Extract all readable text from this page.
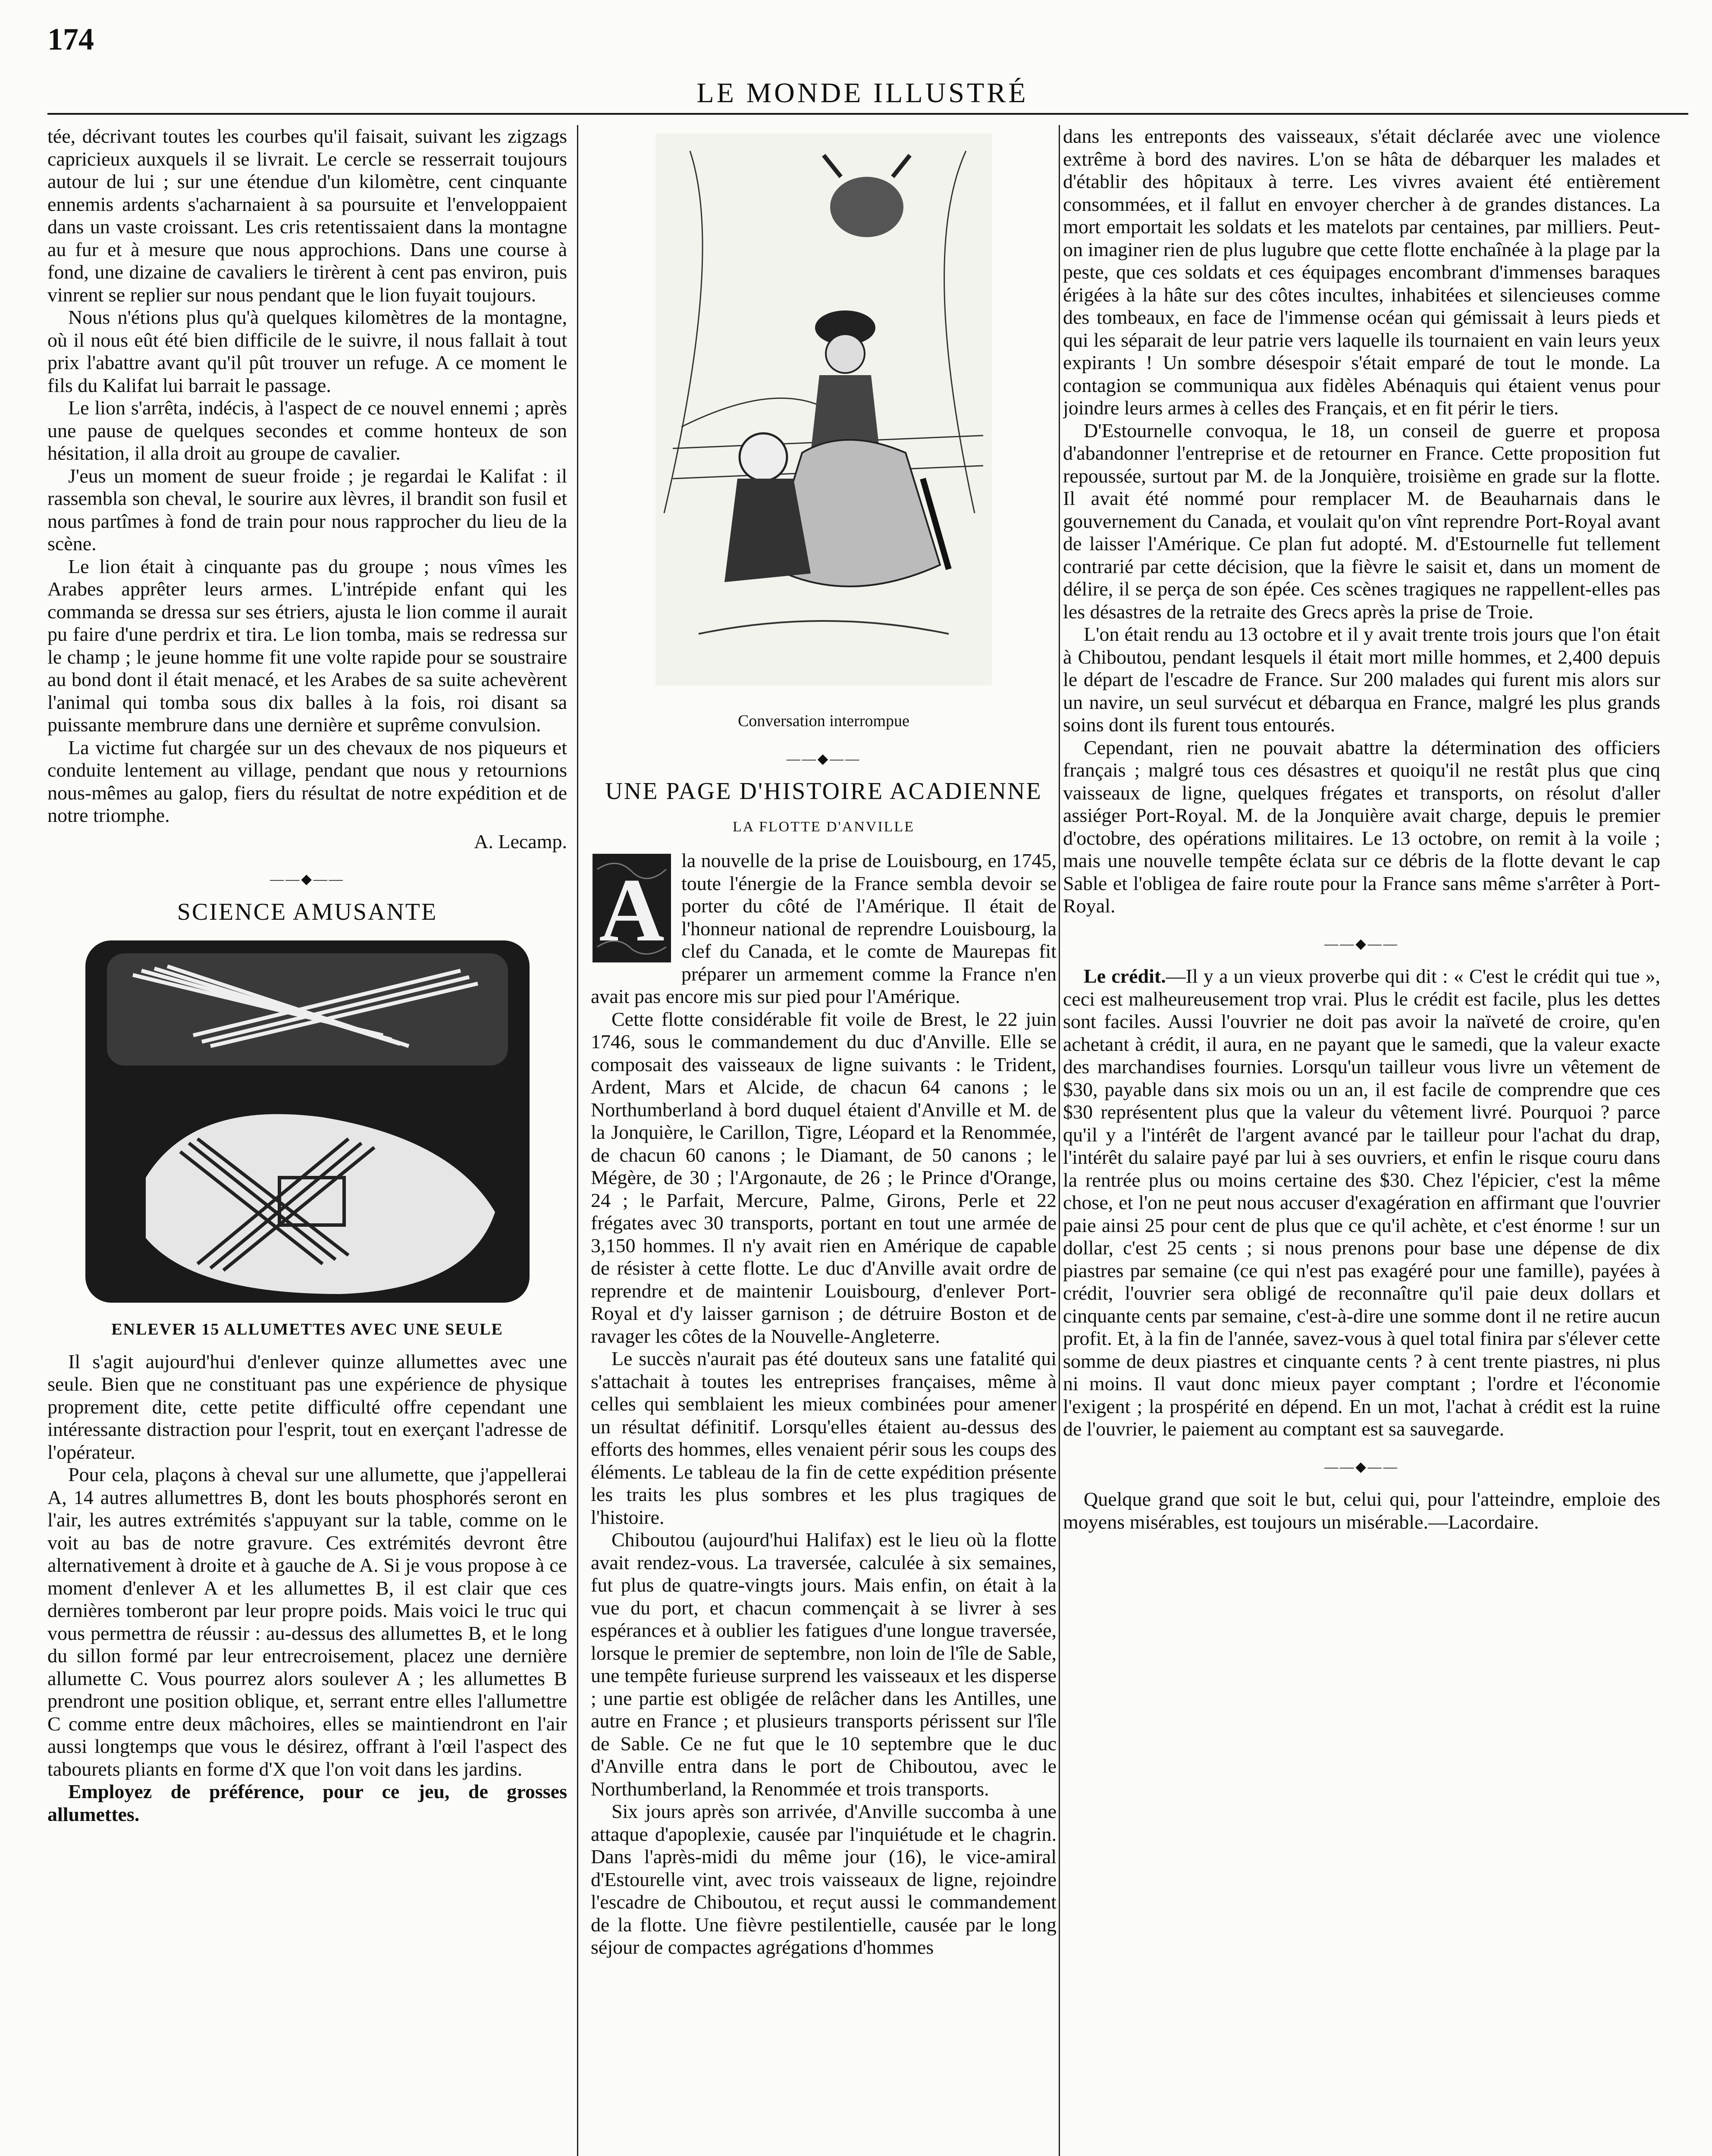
174
LE MONDE ILLUSTRÉ

tée, décrivant toutes les courbes qu'il faisait, suivant les zigzags capricieux auxquels il se livrait. Le cercle se resserrait toujours autour de lui ; sur une étendue d'un kilomètre, cent cinquante ennemis ardents s'acharnaient à sa poursuite et l'enveloppaient dans un vaste croissant. Les cris retentissaient dans la montagne au fur et à mesure que nous approchions. Dans une course à fond, une dizaine de cavaliers le tirèrent à cent pas environ, puis vinrent se replier sur nous pendant que le lion fuyait toujours.

Nous n'étions plus qu'à quelques kilomètres de la montagne, où il nous eût été bien difficile de le suivre, il nous fallait à tout prix l'abattre avant qu'il pût trouver un refuge. A ce moment le fils du Kalifat lui barrait le passage.

Le lion s'arrêta, indécis, à l'aspect de ce nouvel ennemi ; après une pause de quelques secondes et comme honteux de son hésitation, il alla droit au groupe de cavalier.

J'eus un moment de sueur froide ; je regardai le Kalifat : il rassembla son cheval, le sourire aux lèvres, il brandit son fusil et nous partîmes à fond de train pour nous rapprocher du lieu de la scène.

Le lion était à cinquante pas du groupe ; nous vîmes les Arabes apprêter leurs armes. L'intrépide enfant qui les commanda se dressa sur ses étriers, ajusta le lion comme il aurait pu faire d'une perdrix et tira. Le lion tomba, mais se redressa sur le champ ; le jeune homme fit une volte rapide pour se soustraire au bond dont il était menacé, et les Arabes de sa suite achevèrent l'animal qui tomba sous dix balles à la fois, roi disant sa puissante membrure dans une dernière et suprême convulsion.

La victime fut chargée sur un des chevaux de nos piqueurs et conduite lentement au village, pendant que nous y retournions nous-mêmes au galop, fiers du résultat de notre expédition et de notre triomphe.

A. Lecamp.
——◆——
SCIENCE AMUSANTE
ENLEVER 15 ALLUMETTES AVEC UNE SEULE

Il s'agit aujourd'hui d'enlever quinze allumettes avec une seule. Bien que ne constituant pas une expérience de physique proprement dite, cette petite difficulté offre cependant une intéressante distraction pour l'esprit, tout en exerçant l'adresse de l'opérateur.

Pour cela, plaçons à cheval sur une allumette, que j'appellerai A, 14 autres allumettres B, dont les bouts phosphorés seront en l'air, les autres extrémités s'appuyant sur la table, comme on le voit au bas de notre gravure. Ces extrémités devront être alternativement à droite et à gauche de A. Si je vous propose à ce moment d'enlever A et les allumettes B, il est clair que ces dernières tomberont par leur propre poids. Mais voici le truc qui vous permettra de réussir : au-dessus des allumettes B, et le long du sillon formé par leur entrecroisement, placez une dernière allumette C. Vous pourrez alors soulever A ; les allumettes B prendront une position oblique, et, serrant entre elles l'allumettre C comme entre deux mâchoires, elles se maintiendront en l'air aussi longtemps que vous le désirez, offrant à l'œil l'aspect des tabourets pliants en forme d'X que l'on voit dans les jardins.

Employez de préférence, pour ce jeu, de grosses allumettes.

Conversation interrompue
——◆——
UNE PAGE D'HISTOIRE ACADIENNE
LA FLOTTE D'ANVILLE
A la nouvelle de la prise de Louisbourg, en 1745, toute l'énergie de la France sembla devoir se porter du côté de l'Amérique. Il était de l'honneur national de reprendre Louisbourg, la clef du Canada, et le comte de Maurepas fit préparer un armement comme la France n'en avait pas encore mis sur pied pour l'Amérique.

Cette flotte considérable fit voile de Brest, le 22 juin 1746, sous le commandement du duc d'Anville. Elle se composait des vaisseaux de ligne suivants : le Trident, Ardent, Mars et Alcide, de chacun 64 canons ; le Northumberland à bord duquel étaient d'Anville et M. de la Jonquière, le Carillon, Tigre, Léopard et la Renommée, de chacun 60 canons ; le Diamant, de 50 canons ; le Mégère, de 30 ; l'Argonaute, de 26 ; le Prince d'Orange, 24 ; le Parfait, Mercure, Palme, Girons, Perle et 22 frégates avec 30 transports, portant en tout une armée de 3,150 hommes. Il n'y avait rien en Amérique de capable de résister à cette flotte. Le duc d'Anville avait ordre de reprendre et de maintenir Louisbourg, d'enlever Port-Royal et d'y laisser garnison ; de détruire Boston et de ravager les côtes de la Nouvelle-Angleterre.

Le succès n'aurait pas été douteux sans une fatalité qui s'attachait à toutes les entreprises françaises, même à celles qui semblaient les mieux combinées pour amener un résultat définitif. Lorsqu'elles étaient au-dessus des efforts des hommes, elles venaient périr sous les coups des éléments. Le tableau de la fin de cette expédition présente les traits les plus sombres et les plus tragiques de l'histoire.

Chiboutou (aujourd'hui Halifax) est le lieu où la flotte avait rendez-vous. La traversée, calculée à six semaines, fut plus de quatre-vingts jours. Mais enfin, on était à la vue du port, et chacun commençait à se livrer à ses espérances et à oublier les fatigues d'une longue traversée, lorsque le premier de septembre, non loin de l'île de Sable, une tempête furieuse surprend les vaisseaux et les disperse ; une partie est obligée de relâcher dans les Antilles, une autre en France ; et plusieurs transports périssent sur l'île de Sable. Ce ne fut que le 10 septembre que le duc d'Anville entra dans le port de Chiboutou, avec le Northumberland, la Renommée et trois transports.

Six jours après son arrivée, d'Anville succomba à une attaque d'apoplexie, causée par l'inquiétude et le chagrin. Dans l'après-midi du même jour (16), le vice-amiral d'Estourelle vint, avec trois vaisseaux de ligne, rejoindre l'escadre de Chiboutou, et reçut aussi le commandement de la flotte. Une fièvre pestilentielle, causée par le long séjour de compactes agrégations d'hommes

dans les entreponts des vaisseaux, s'était déclarée avec une violence extrême à bord des navires. L'on se hâta de débarquer les malades et d'établir des hôpitaux à terre. Les vivres avaient été entièrement consommées, et il fallut en envoyer chercher à de grandes distances. La mort emportait les soldats et les matelots par centaines, par milliers. Peut-on imaginer rien de plus lugubre que cette flotte enchaînée à la plage par la peste, que ces soldats et ces équipages encombrant d'immenses baraques érigées à la hâte sur des côtes incultes, inhabitées et silencieuses comme des tombeaux, en face de l'immense océan qui gémissait à leurs pieds et qui les séparait de leur patrie vers laquelle ils tournaient en vain leurs yeux expirants ! Un sombre désespoir s'était emparé de tout le monde. La contagion se communiqua aux fidèles Abénaquis qui étaient venus pour joindre leurs armes à celles des Français, et en fit périr le tiers.

D'Estournelle convoqua, le 18, un conseil de guerre et proposa d'abandonner l'entreprise et de retourner en France. Cette proposition fut repoussée, surtout par M. de la Jonquière, troisième en grade sur la flotte. Il avait été nommé pour remplacer M. de Beauharnais dans le gouvernement du Canada, et voulait qu'on vînt reprendre Port-Royal avant de laisser l'Amérique. Ce plan fut adopté. M. d'Estournelle fut tellement contrarié par cette décision, que la fièvre le saisit et, dans un moment de délire, il se perça de son épée. Ces scènes tragiques ne rappellent-elles pas les désastres de la retraite des Grecs après la prise de Troie.

L'on était rendu au 13 octobre et il y avait trente trois jours que l'on était à Chiboutou, pendant lesquels il était mort mille hommes, et 2,400 depuis le départ de l'escadre de France. Sur 200 malades qui furent mis alors sur un navire, un seul survécut et débarqua en France, malgré les plus grands soins dont ils furent tous entourés.

Cependant, rien ne pouvait abattre la détermination des officiers français ; malgré tous ces désastres et quoiqu'il ne restât plus que cinq vaisseaux de ligne, quelques frégates et transports, on résolut d'aller assiéger Port-Royal. M. de la Jonquière avait charge, depuis le premier d'octobre, des opérations militaires. Le 13 octobre, on remit à la voile ; mais une nouvelle tempête éclata sur ce débris de la flotte devant le cap Sable et l'obligea de faire route pour la France sans même s'arrêter à Port-Royal.

——◆——

Le crédit.—Il y a un vieux proverbe qui dit : « C'est le crédit qui tue », ceci est malheureusement trop vrai. Plus le crédit est facile, plus les dettes sont faciles. Aussi l'ouvrier ne doit pas avoir la naïveté de croire, qu'en achetant à crédit, il aura, en ne payant que le samedi, que la valeur exacte des marchandises fournies. Lorsqu'un tailleur vous livre un vêtement de $30, payable dans six mois ou un an, il est facile de comprendre que ces $30 représentent plus que la valeur du vêtement livré. Pourquoi ? parce qu'il y a l'intérêt de l'argent avancé par le tailleur pour l'achat du drap, l'intérêt du salaire payé par lui à ses ouvriers, et enfin le risque couru dans la rentrée plus ou moins certaine des $30. Chez l'épicier, c'est la même chose, et l'on ne peut nous accuser d'exagération en affirmant que l'ouvrier paie ainsi 25 pour cent de plus que ce qu'il achète, et c'est énorme ! sur un dollar, c'est 25 cents ; si nous prenons pour base une dépense de dix piastres par semaine (ce qui n'est pas exagéré pour une famille), payées à crédit, l'ouvrier sera obligé de reconnaître qu'il paie deux dollars et cinquante cents par semaine, c'est-à-dire une somme dont il ne retire aucun profit. Et, à la fin de l'année, savez-vous à quel total finira par s'élever cette somme de deux piastres et cinquante cents ? à cent trente piastres, ni plus ni moins. Il vaut donc mieux payer comptant ; l'ordre et l'économie l'exigent ; la prospérité en dépend. En un mot, l'achat à crédit est la ruine de l'ouvrier, le paiement au comptant est sa sauvegarde.

——◆——

Quelque grand que soit le but, celui qui, pour l'atteindre, emploie des moyens misérables, est toujours un misérable.—Lacordaire.
